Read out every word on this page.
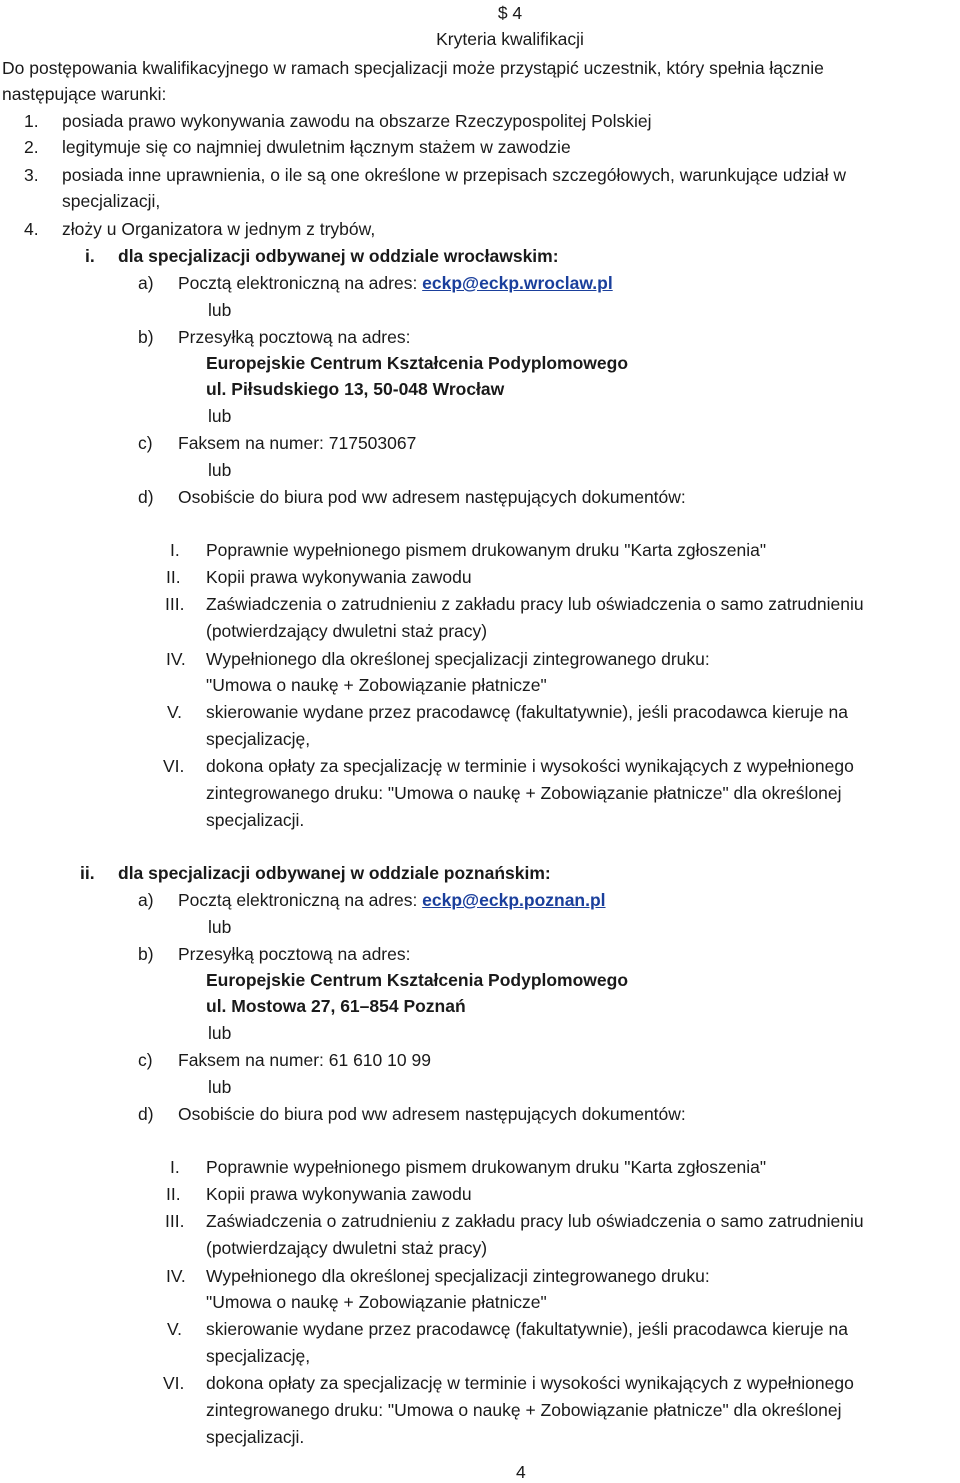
$ 4
Kryteria kwalifikacji
Do postępowania kwalifikacyjnego w ramach specjalizacji może przystąpić uczestnik, który spełnia łącznie
następujące warunki:
1. posiada prawo wykonywania zawodu na obszarze Rzeczypospolitej Polskiej
2. legitymuje się co najmniej dwuletnim łącznym stażem w zawodzie
3. posiada inne uprawnienia, o ile są one określone w przepisach szczegółowych, warunkujące udział w
specjalizacji,
4. złoży u Organizatora w jednym z trybów,
i. dla specjalizacji odbywanej w oddziale wrocławskim:
a) Pocztą elektroniczną na adres: eckp@eckp.wroclaw.pl
lub
b) Przesyłką pocztową na adres:
Europejskie Centrum Kształcenia Podyplomowego
ul. Piłsudskiego 13, 50-048 Wrocław
lub
c) Faksem na numer: 717503067
lub
d) Osobiście do biura pod ww adresem następujących dokumentów:
I. Poprawnie wypełnionego pismem drukowanym druku "Karta zgłoszenia"
II. Kopii prawa wykonywania zawodu
III. Zaświadczenia o zatrudnieniu z zakładu pracy lub oświadczenia o samo zatrudnieniu
(potwierdzający dwuletni staż pracy)
IV. Wypełnionego dla określonej specjalizacji zintegrowanego druku:
"Umowa o naukę + Zobowiązanie płatnicze"
V. skierowanie wydane przez pracodawcę (fakultatywnie), jeśli pracodawca kieruje na
specjalizację,
VI. dokona opłaty za specjalizację w terminie i wysokości wynikających z wypełnionego
zintegrowanego druku: "Umowa o naukę + Zobowiązanie płatnicze" dla określonej
specjalizacji.
ii. dla specjalizacji odbywanej w oddziale poznańskim:
a) Pocztą elektroniczną na adres: eckp@eckp.poznan.pl
lub
b) Przesyłką pocztową na adres:
Europejskie Centrum Kształcenia Podyplomowego
ul. Mostowa 27, 61–854 Poznań
lub
c) Faksem na numer: 61 610 10 99
lub
d) Osobiście do biura pod ww adresem następujących dokumentów:
I. Poprawnie wypełnionego pismem drukowanym druku "Karta zgłoszenia"
II. Kopii prawa wykonywania zawodu
III. Zaświadczenia o zatrudnieniu z zakładu pracy lub oświadczenia o samo zatrudnieniu
(potwierdzający dwuletni staż pracy)
IV. Wypełnionego dla określonej specjalizacji zintegrowanego druku:
"Umowa o naukę + Zobowiązanie płatnicze"
V. skierowanie wydane przez pracodawcę (fakultatywnie), jeśli pracodawca kieruje na
specjalizację,
VI. dokona opłaty za specjalizację w terminie i wysokości wynikających z wypełnionego
zintegrowanego druku: "Umowa o naukę + Zobowiązanie płatnicze" dla określonej
specjalizacji.
4
